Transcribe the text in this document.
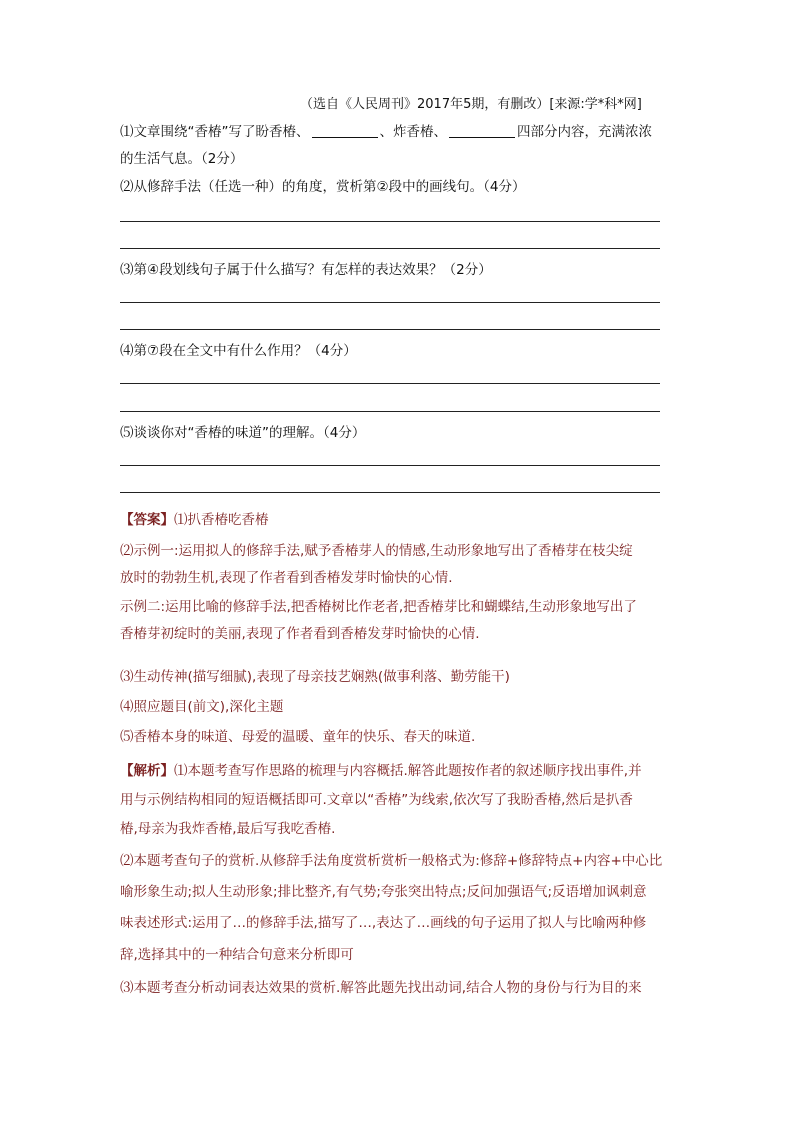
（选自《人民周刊》2017年5期，有删改）[来源:学*科*网]
⑴文章围绕“香椿”写了盼香椿、	、炸香椿、	四部分内容，充满浓浓
的生活气息。（2分）
⑵从修辞手法（任选一种）的角度，赏析第②段中的画线句。（4分）
⑶第④段划线句子属于什么描写？有怎样的表达效果？（2分）
⑷第⑦段在全文中有什么作用？（4分）
⑸谈谈你对“香椿的味道”的理解。（4分）
【答案】⑴扒香椿吃香椿
⑵示例一:运用拟人的修辞手法,赋予香椿芽人的情感,生动形象地写出了香椿芽在枝尖绽
放时的勃勃生机,表现了作者看到香椿发芽时愉快的心情.
示例二:运用比喻的修辞手法,把香椿树比作老者,把香椿芽比和蝴蝶结,生动形象地写出了
香椿芽初绽时的美丽,表现了作者看到香椿发芽时愉快的心情.
⑶生动传神(描写细腻),表现了母亲技艺娴熟(做事利落、勤劳能干)
⑷照应题目(前文),深化主题
⑸香椿本身的味道、母爱的温暖、童年的快乐、春天的味道.
【解析】⑴本题考查写作思路的梳理与内容概括.解答此题按作者的叙述顺序找出事件,并
用与示例结构相同的短语概括即可.文章以“香椿”为线索,依次写了我盼香椿,然后是扒香
椿,母亲为我炸香椿,最后写我吃香椿.
⑵本题考查句子的赏析.从修辞手法角度赏析赏析一般格式为:修辞+修辞特点+内容+中心比
喻形象生动;拟人生动形象;排比整齐,有气势;夸张突出特点;反问加强语气;反语增加讽刺意
味表述形式:运用了…的修辞手法,描写了…,表达了…画线的句子运用了拟人与比喻两种修
辞,选择其中的一种结合句意来分析即可
⑶本题考查分析动词表达效果的赏析.解答此题先找出动词,结合人物的身份与行为目的来
